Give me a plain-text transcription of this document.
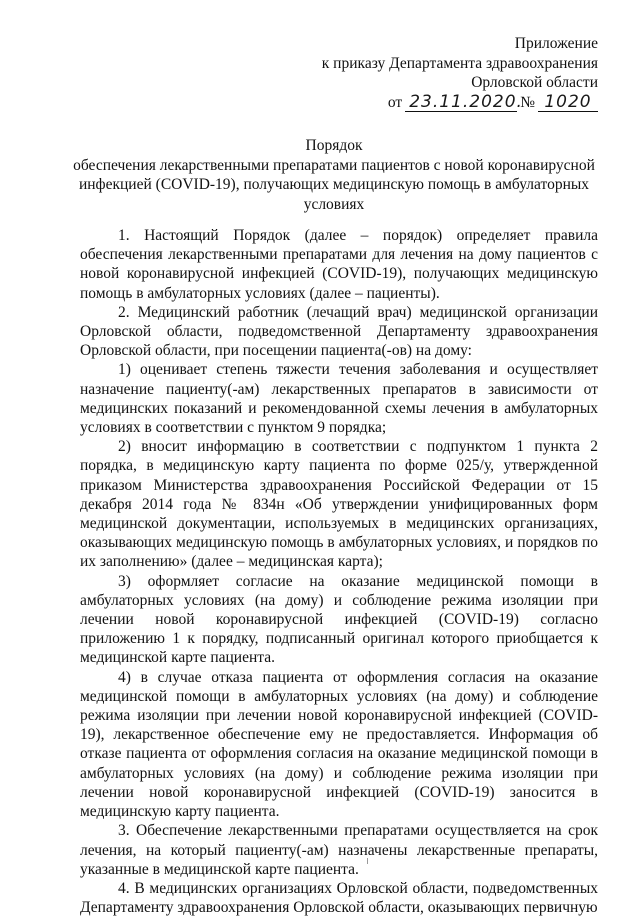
Приложение
к приказу Департамента здравоохранения
Орловской области
от 23.11.2020.
№ 1020
Порядок
обеспечения лекарственными препаратами пациентов с новой коронавирусной инфекцией (COVID-19), получающих медицинскую помощь в амбулаторных условиях

1. Настоящий Порядок (далее – порядок) определяет правила обеспечения лекарственными препаратами для лечения на дому пациентов с новой коронавирусной инфекцией (COVID-19), получающих медицинскую помощь в амбулаторных условиях (далее – пациенты).

2. Медицинский работник (лечащий врач) медицинской организации Орловской области, подведомственной Департаменту здравоохранения Орловской области, при посещении пациента(-ов) на дому:

1) оценивает степень тяжести течения заболевания и осуществляет назначение пациенту(-ам) лекарственных препаратов в зависимости от медицинских показаний и рекомендованной схемы лечения в амбулаторных условиях в соответствии с пунктом 9 порядка;

2) вносит информацию в соответствии с подпунктом 1 пункта 2 порядка, в медицинскую карту пациента по форме 025/у, утвержденной приказом Министерства здравоохранения Российской Федерации от 15 декабря 2014 года № 834н «Об утверждении унифицированных форм медицинской документации, используемых в медицинских организациях, оказывающих медицинскую помощь в амбулаторных условиях, и порядков по их заполнению» (далее – медицинская карта);

3) оформляет согласие на оказание медицинской помощи в амбулаторных условиях (на дому) и соблюдение режима изоляции при лечении новой коронавирусной инфекцией (COVID-19) согласно приложению 1 к порядку, подписанный оригинал которого приобщается к медицинской карте пациента.

4) в случае отказа пациента от оформления согласия на оказание медицинской помощи в амбулаторных условиях (на дому) и соблюдение режима изоляции при лечении новой коронавирусной инфекцией (COVID-19), лекарственное обеспечение ему не предоставляется. Информация об отказе пациента от оформления согласия на оказание медицинской помощи в амбулаторных условиях (на дому) и соблюдение режима изоляции при лечении новой коронавирусной инфекцией (COVID-19) заносится в медицинскую карту пациента.

3. Обеспечение лекарственными препаратами осуществляется на срок лечения, на который пациенту(-ам) назначены лекарственные препараты, указанные в медицинской карте пациента.

4. В медицинских организациях Орловской области, подведомственных Департаменту здравоохранения Орловской области, оказывающих первичную
